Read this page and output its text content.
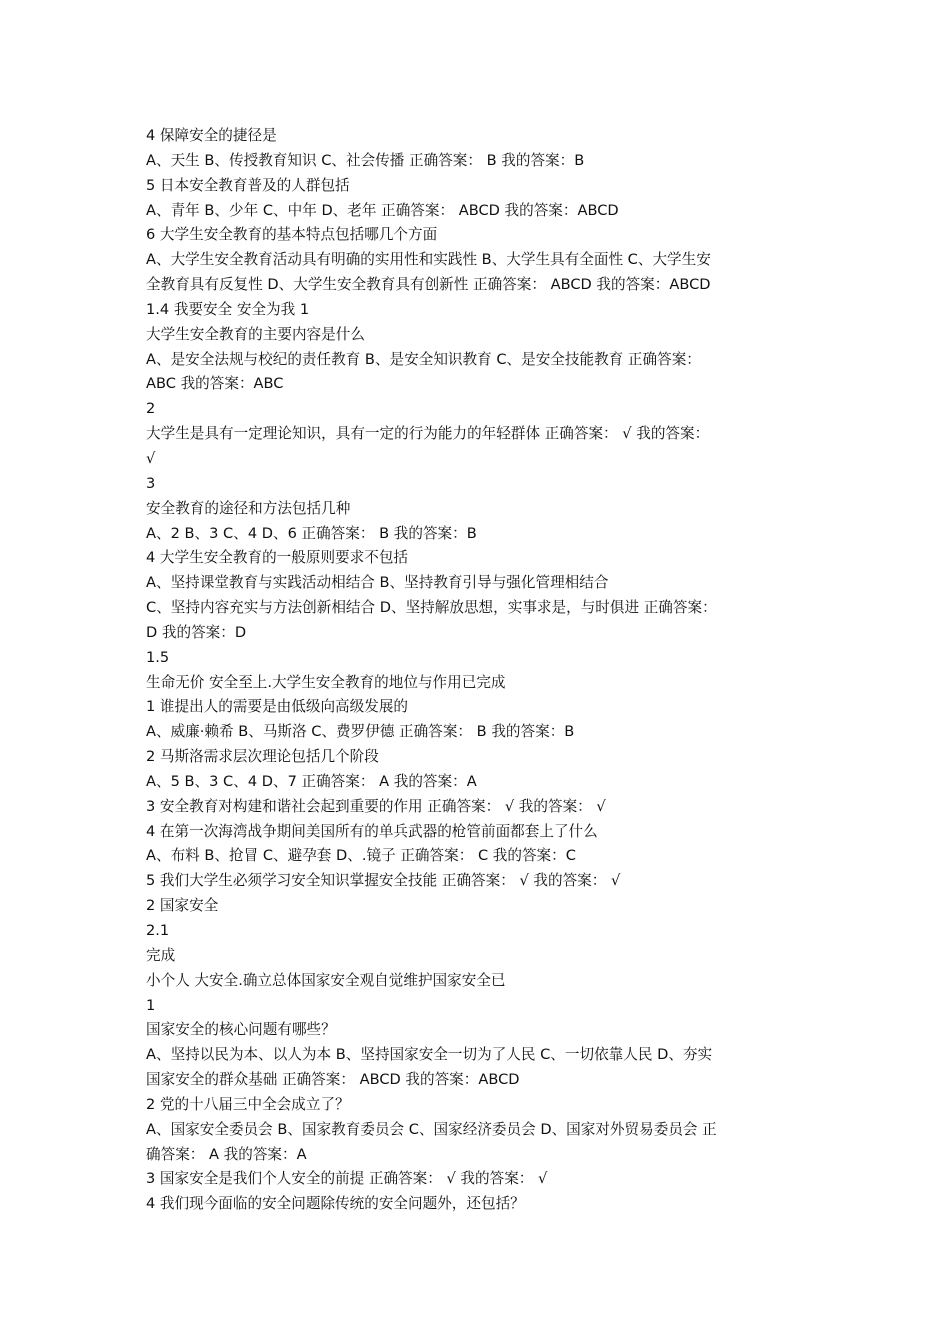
4 保障安全的捷径是
A、天生 B、传授教育知识 C、社会传播 正确答案： B 我的答案：B
5 日本安全教育普及的人群包括
A、青年 B、少年 C、中年 D、老年 正确答案： ABCD 我的答案：ABCD
6 大学生安全教育的基本特点包括哪几个方面
A、大学生安全教育活动具有明确的实用性和实践性 B、大学生具有全面性 C、大学生安
全教育具有反复性 D、大学生安全教育具有创新性 正确答案： ABCD 我的答案：ABCD
1.4 我要安全 安全为我 1
大学生安全教育的主要内容是什么
A、是安全法规与校纪的责任教育 B、是安全知识教育 C、是安全技能教育 正确答案：
ABC 我的答案：ABC
2
大学生是具有一定理论知识，具有一定的行为能力的年轻群体 正确答案： √ 我的答案：
√
3
安全教育的途径和方法包括几种
A、2 B、3 C、4 D、6 正确答案： B 我的答案：B
4 大学生安全教育的一般原则要求不包括
A、坚持课堂教育与实践活动相结合 B、坚持教育引导与强化管理相结合
C、坚持内容充实与方法创新相结合 D、坚持解放思想，实事求是，与时俱进 正确答案：
D 我的答案：D
1.5
生命无价 安全至上.大学生安全教育的地位与作用已完成
1 谁提出人的需要是由低级向高级发展的
A、威廉·赖希 B、马斯洛 C、费罗伊德 正确答案： B 我的答案：B
2 马斯洛需求层次理论包括几个阶段
A、5 B、3 C、4 D、7 正确答案： A 我的答案：A
3 安全教育对构建和谐社会起到重要的作用 正确答案： √ 我的答案： √
4 在第一次海湾战争期间美国所有的单兵武器的枪管前面都套上了什么
A、布料 B、抢冒 C、避孕套 D、.镜子 正确答案： C 我的答案：C
5 我们大学生必须学习安全知识掌握安全技能 正确答案： √ 我的答案： √
2 国家安全
2.1
完成
小个人 大安全.确立总体国家安全观自觉维护国家安全已
1
国家安全的核心问题有哪些？
A、坚持以民为本、以人为本 B、坚持国家安全一切为了人民 C、一切依靠人民 D、夯实
国家安全的群众基础 正确答案： ABCD 我的答案：ABCD
2 党的十八届三中全会成立了？
A、国家安全委员会 B、国家教育委员会 C、国家经济委员会 D、国家对外贸易委员会 正
确答案： A 我的答案：A
3 国家安全是我们个人安全的前提 正确答案： √ 我的答案： √
4 我们现今面临的安全问题除传统的安全问题外，还包括？
